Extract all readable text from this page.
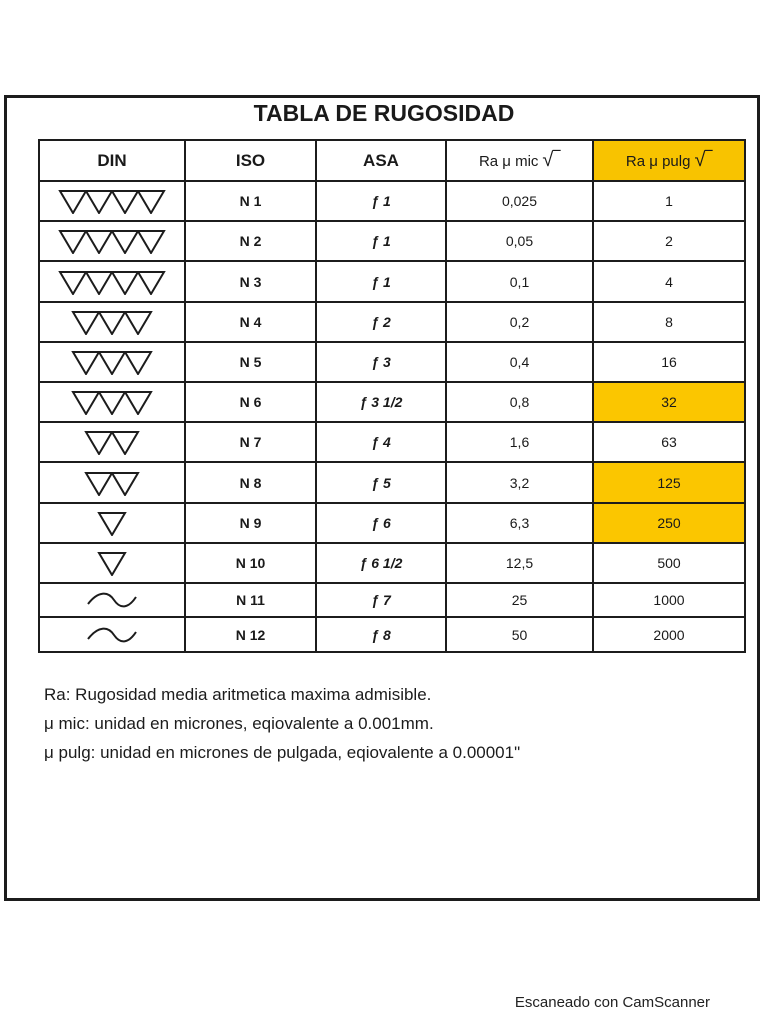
TABLA DE RUGOSIDAD
DIN	ISO	ASA	Ra μ mic √‾	Ra μ pulg √‾

	N 1	ƒ 1	0,025	1

	N 2	ƒ 1	0,05	2

	N 3	ƒ 1	0,1	4

	N 4	ƒ 2	0,2	8

	N 5	ƒ 3	0,4	16

	N 6	ƒ 3 1/2	0,8	32

	N 7	ƒ 4	1,6	63

	N 8	ƒ 5	3,2	125

	N 9	ƒ 6	6,3	250

	N 10	ƒ 6 1/2	12,5	500

	N 11	ƒ 7	25	1000

	N 12	ƒ 8	50	2000
Ra: Rugosidad media aritmetica maxima admisible.
μ mic: unidad en micrones, eqiovalente a 0.001mm.
μ pulg: unidad en micrones de pulgada, eqiovalente a 0.00001"
Escaneado con CamScanner
